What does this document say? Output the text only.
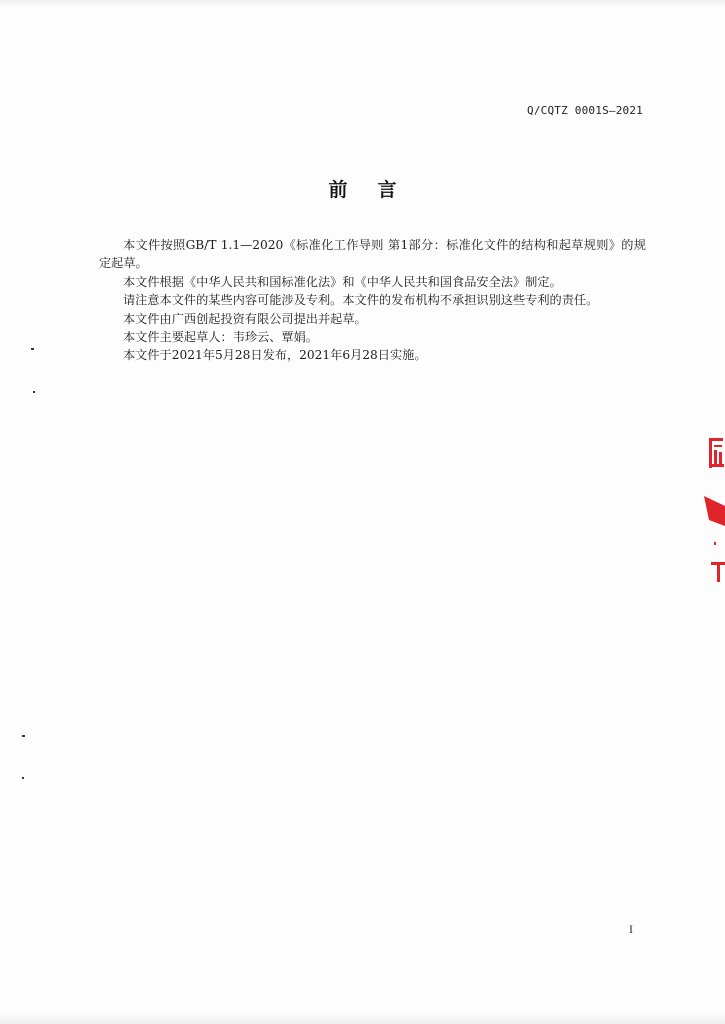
Q/CQTZ 0001S—2021
前言

本文件按照GB/T 1.1—2020《标准化工作导则 第1部分：标准化文件的结构和起草规则》的规定起草。

本文件根据《中华人民共和国标准化法》和《中华人民共和国食品安全法》制定。

请注意本文件的某些内容可能涉及专利。本文件的发布机构不承担识别这些专利的责任。

本文件由广西创起投资有限公司提出并起草。

本文件主要起草人：韦珍云、覃娟。

本文件于2021年5月28日发布，2021年6月28日实施。

I
